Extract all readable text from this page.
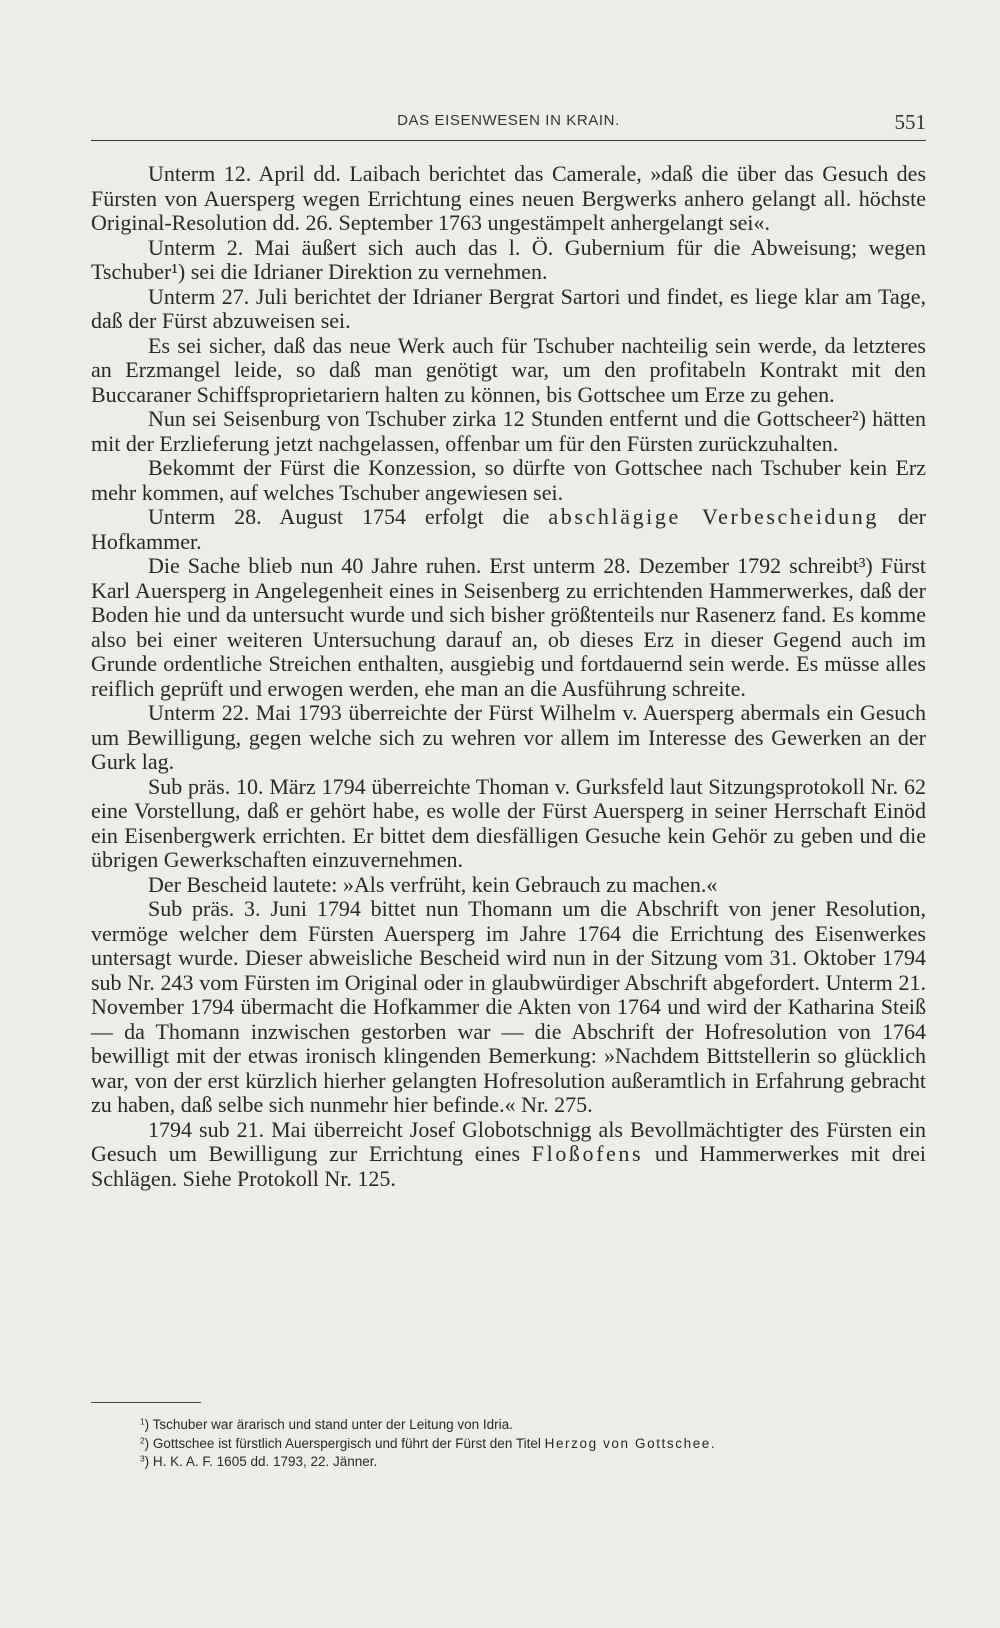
DAS EISENWESEN IN KRAIN.	551

Unterm 12. April dd. Laibach berichtet das Camerale, »daß die über das Gesuch des Fürsten von Auersperg wegen Errichtung eines neuen Bergwerks anhero gelangt all. höchste Original-Resolution dd. 26. September 1763 ungestämpelt anhergelangt sei«.

Unterm 2. Mai äußert sich auch das l. Ö. Gubernium für die Abweisung; wegen Tschuber¹) sei die Idrianer Direktion zu vernehmen.

Unterm 27. Juli berichtet der Idrianer Bergrat Sartori und findet, es liege klar am Tage, daß der Fürst abzuweisen sei.

Es sei sicher, daß das neue Werk auch für Tschuber nachteilig sein werde, da letzteres an Erzmangel leide, so daß man genötigt war, um den profitabeln Kontrakt mit den Buccaraner Schiffsproprietariern halten zu können, bis Gottschee um Erze zu gehen.

Nun sei Seisenburg von Tschuber zirka 12 Stunden entfernt und die Gottscheer²) hätten mit der Erzlieferung jetzt nachgelassen, offenbar um für den Fürsten zurückzuhalten.

Bekommt der Fürst die Konzession, so dürfte von Gottschee nach Tschuber kein Erz mehr kommen, auf welches Tschuber angewiesen sei.

Unterm 28. August 1754 erfolgt die abschlägige Verbescheidung der Hofkammer.

Die Sache blieb nun 40 Jahre ruhen. Erst unterm 28. Dezember 1792 schreibt³) Fürst Karl Auersperg in Angelegenheit eines in Seisenberg zu errichtenden Hammerwerkes, daß der Boden hie und da untersucht wurde und sich bisher größtenteils nur Rasenerz fand. Es komme also bei einer weiteren Untersuchung darauf an, ob dieses Erz in dieser Gegend auch im Grunde ordentliche Streichen enthalten, ausgiebig und fortdauernd sein werde. Es müsse alles reiflich geprüft und erwogen werden, ehe man an die Ausführung schreite.

Unterm 22. Mai 1793 überreichte der Fürst Wilhelm v. Auersperg abermals ein Gesuch um Bewilligung, gegen welche sich zu wehren vor allem im Interesse des Gewerken an der Gurk lag.

Sub präs. 10. März 1794 überreichte Thoman v. Gurksfeld laut Sitzungsprotokoll Nr. 62 eine Vorstellung, daß er gehört habe, es wolle der Fürst Auersperg in seiner Herrschaft Einöd ein Eisenbergwerk errichten. Er bittet dem diesfälligen Gesuche kein Gehör zu geben und die übrigen Gewerkschaften einzuvernehmen.

Der Bescheid lautete: »Als verfrüht, kein Gebrauch zu machen.«

Sub präs. 3. Juni 1794 bittet nun Thomann um die Abschrift von jener Resolution, vermöge welcher dem Fürsten Auersperg im Jahre 1764 die Errichtung des Eisenwerkes untersagt wurde. Dieser abweisliche Bescheid wird nun in der Sitzung vom 31. Oktober 1794 sub Nr. 243 vom Fürsten im Original oder in glaubwürdiger Abschrift abgefordert. Unterm 21. November 1794 übermacht die Hofkammer die Akten von 1764 und wird der Katharina Steiß — da Thomann inzwischen gestorben war — die Abschrift der Hofresolution von 1764 bewilligt mit der etwas ironisch klingenden Bemerkung: »Nachdem Bittstellerin so glücklich war, von der erst kürzlich hierher gelangten Hofresolution außeramtlich in Erfahrung gebracht zu haben, daß selbe sich nunmehr hier befinde.« Nr. 275.

1794 sub 21. Mai überreicht Josef Globotschnigg als Bevollmächtigter des Fürsten ein Gesuch um Bewilligung zur Errichtung eines Floßofens und Hammerwerkes mit drei Schlägen. Siehe Protokoll Nr. 125.

$^1$) Tschuber war ärarisch und stand unter der Leitung von Idria.
$^2$) Gottschee ist fürstlich Auerspergisch und führt der Fürst den Titel Herzog von Gottschee.
$^3$) H. K. A. F. 1605 dd. 1793, 22. Jänner.
